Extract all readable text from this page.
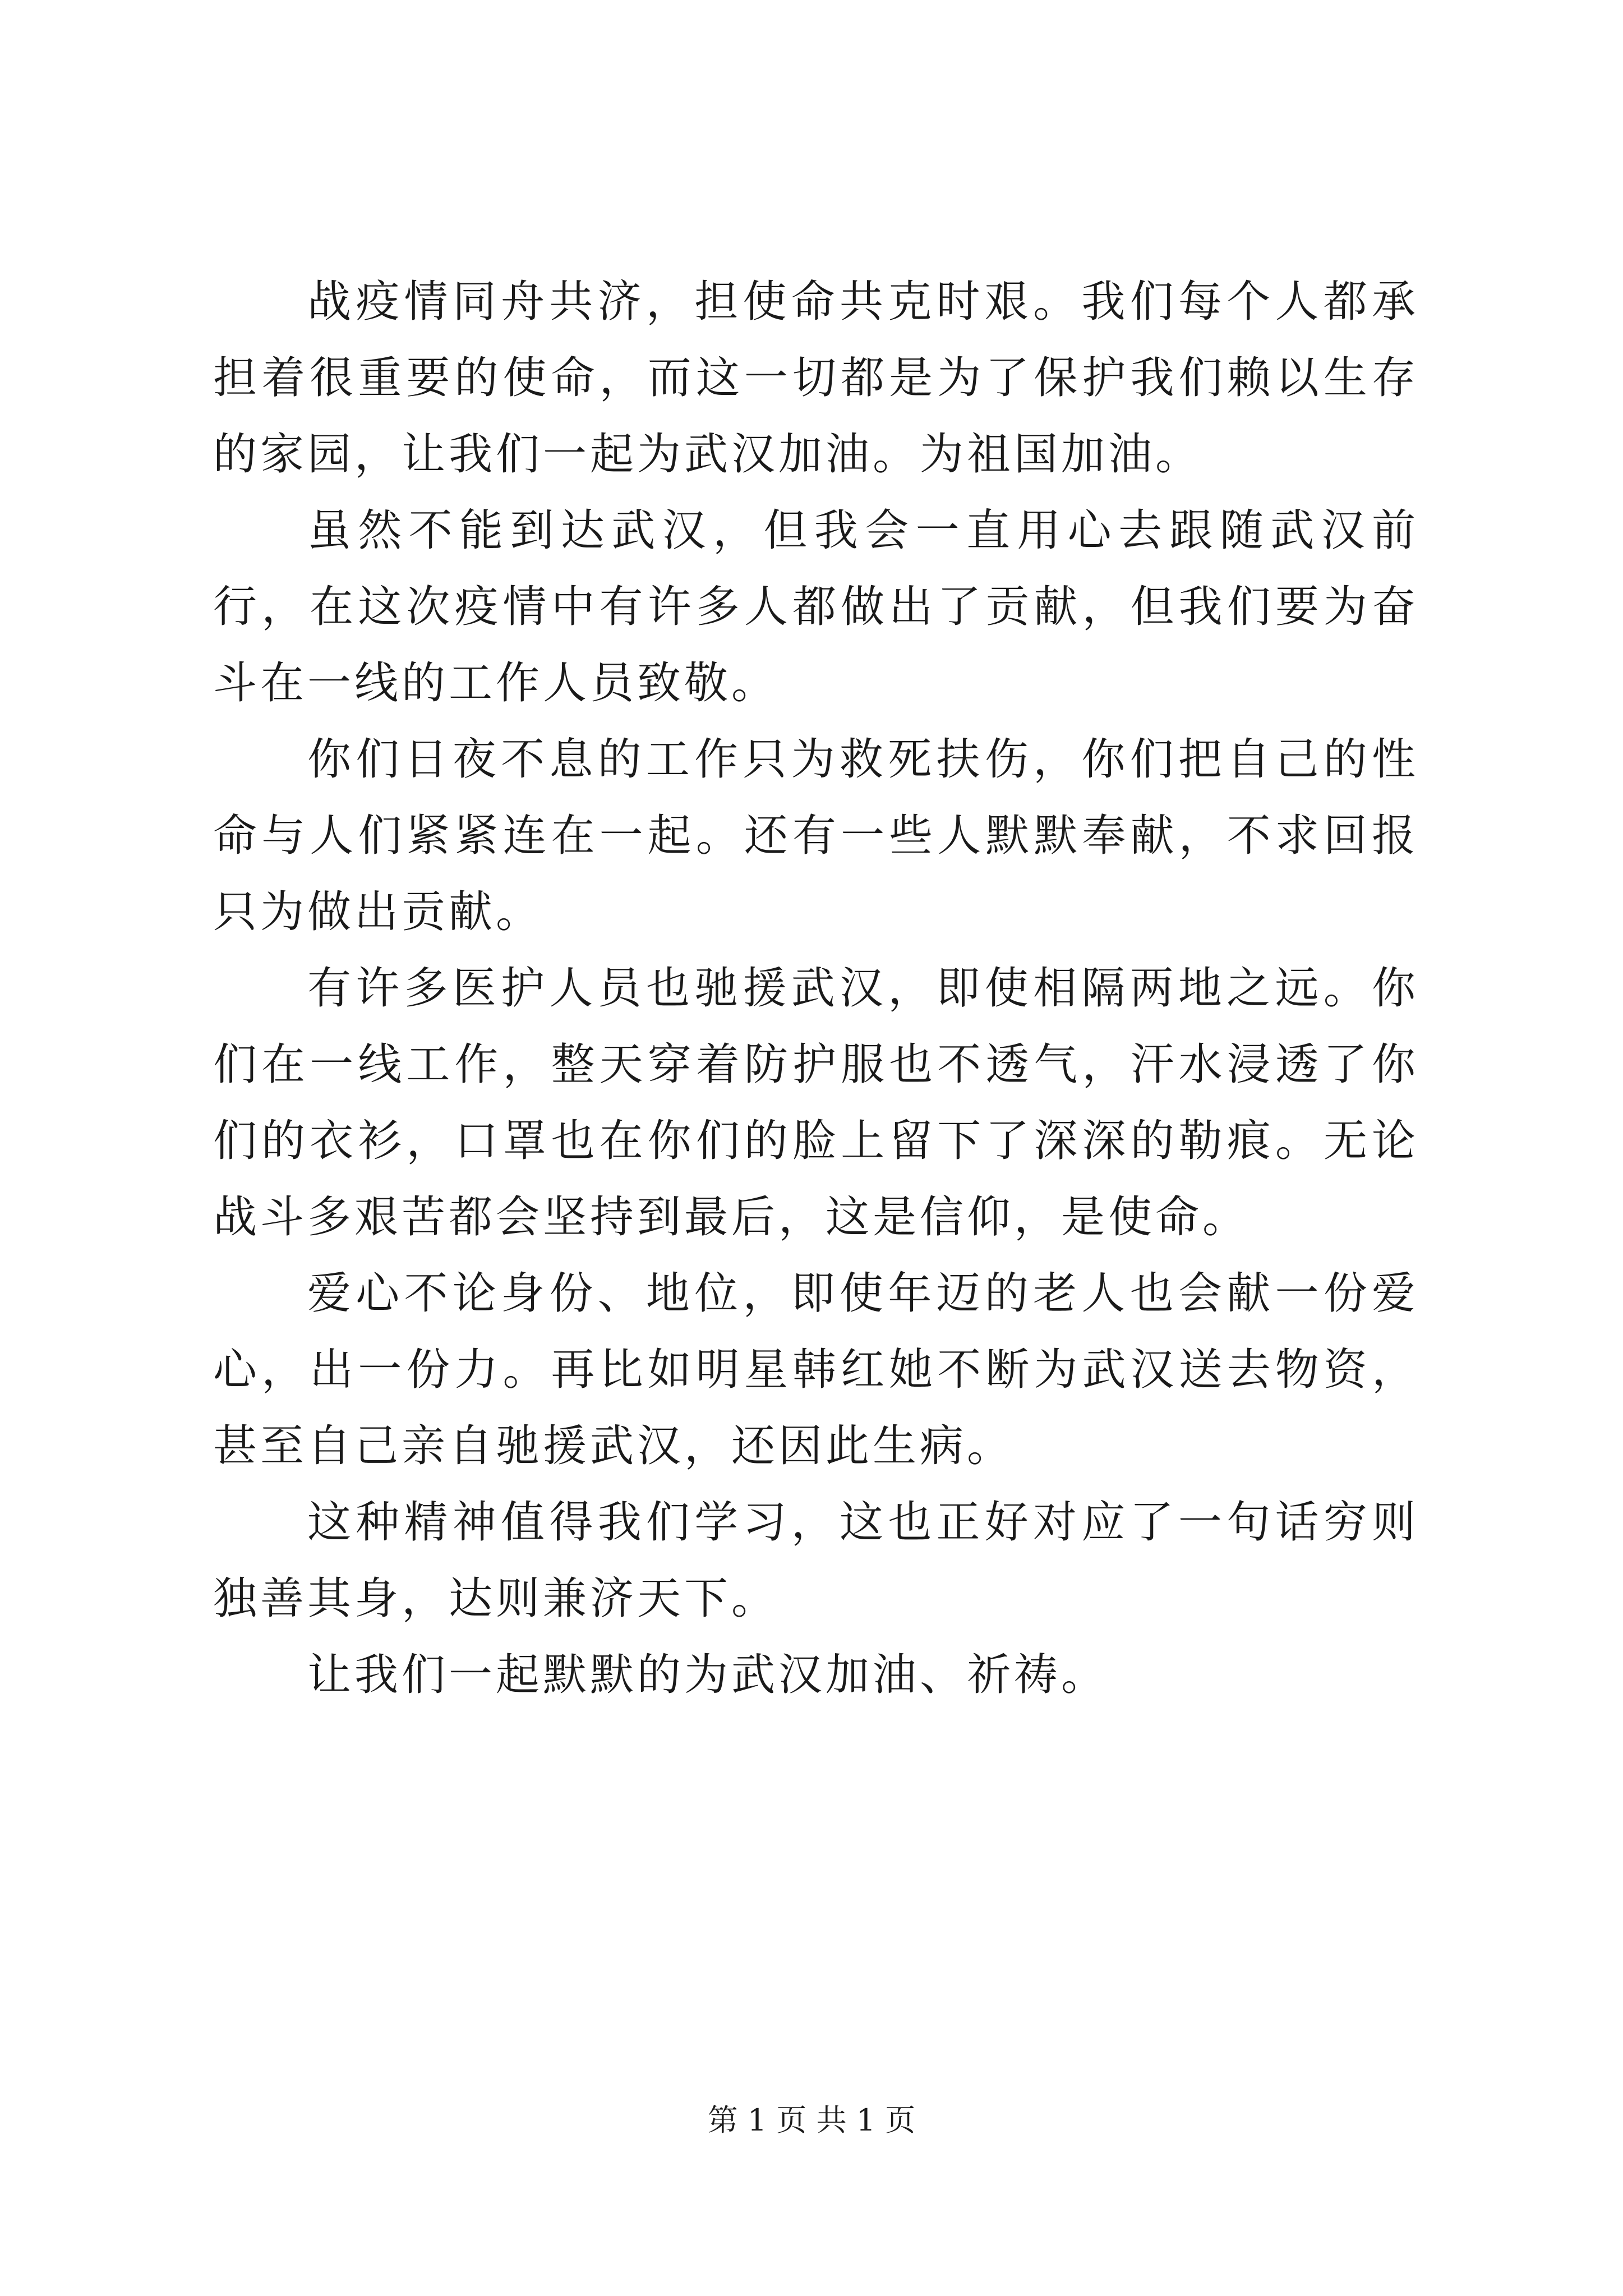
战疫情同舟共济，担使命共克时艰。我们每个人都承担着很重要的使命，而这一切都是为了保护我们赖以生存的家园，让我们一起为武汉加油。为祖国加油。

虽然不能到达武汉，但我会一直用心去跟随武汉前行，在这次疫情中有许多人都做出了贡献，但我们要为奋斗在一线的工作人员致敬。

你们日夜不息的工作只为救死扶伤，你们把自己的性命与人们紧紧连在一起。还有一些人默默奉献，不求回报只为做出贡献。

有许多医护人员也驰援武汉，即使相隔两地之远。你们在一线工作，整天穿着防护服也不透气，汗水浸透了你们的衣衫，口罩也在你们的脸上留下了深深的勒痕。无论战斗多艰苦都会坚持到最后，这是信仰，是使命。

爱心不论身份、地位，即使年迈的老人也会献一份爱心，出一份力。再比如明星韩红她不断为武汉送去物资，甚至自己亲自驰援武汉，还因此生病。

这种精神值得我们学习，这也正好对应了一句话穷则独善其身，达则兼济天下。

让我们一起默默的为武汉加油、祈祷。

第 1 页 共 1 页
